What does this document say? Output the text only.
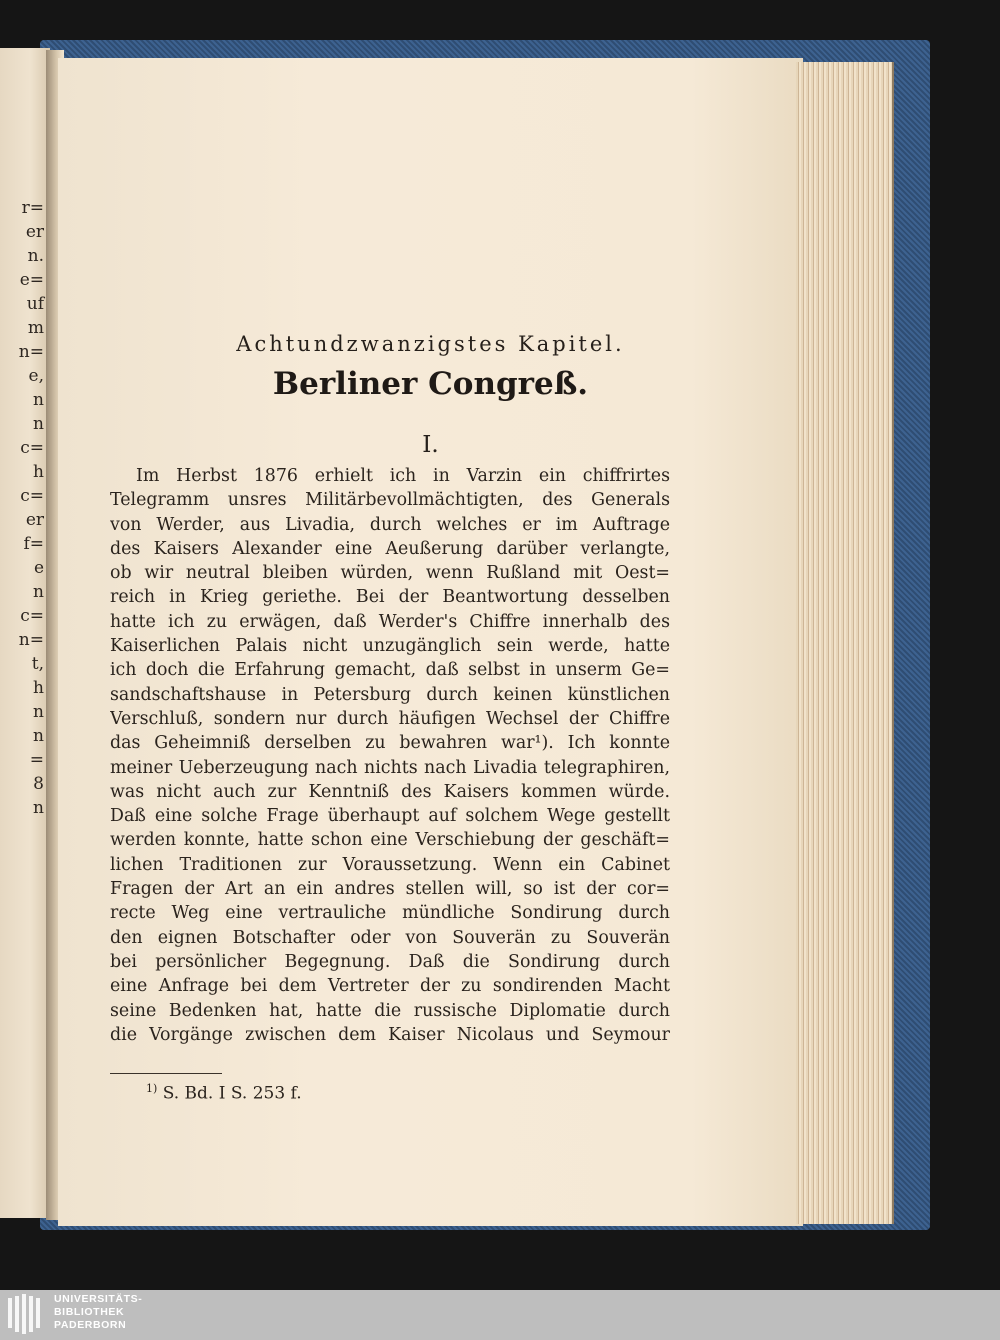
r=
er
n.
e=
uf
m
n=
e,
n
n
c=
h
c=
er
f=
e
n
c=
n=
t,
h
n
n
=
8
n
Achtundzwanzigstes Kapitel.
Berliner Congreß.
I.
Im Herbst 1876 erhielt ich in Varzin ein chiffrirtes
Telegramm unsres Militärbevollmächtigten, des Generals
von Werder, aus Livadia, durch welches er im Auftrage
des Kaisers Alexander eine Aeußerung darüber verlangte,
ob wir neutral bleiben würden, wenn Rußland mit Oest=
reich in Krieg geriethe. Bei der Beantwortung desselben
hatte ich zu erwägen, daß Werder's Chiffre innerhalb des
Kaiserlichen Palais nicht unzugänglich sein werde, hatte
ich doch die Erfahrung gemacht, daß selbst in unserm Ge=
sandschaftshause in Petersburg durch keinen künstlichen
Verschluß, sondern nur durch häufigen Wechsel der Chiffre
das Geheimniß derselben zu bewahren war¹). Ich konnte
meiner Ueberzeugung nach nichts nach Livadia telegraphiren,
was nicht auch zur Kenntniß des Kaisers kommen würde.
Daß eine solche Frage überhaupt auf solchem Wege gestellt
werden konnte, hatte schon eine Verschiebung der geschäft=
lichen Traditionen zur Voraussetzung. Wenn ein Cabinet
Fragen der Art an ein andres stellen will, so ist der cor=
recte Weg eine vertrauliche mündliche Sondirung durch
den eignen Botschafter oder von Souverän zu Souverän
bei persönlicher Begegnung. Daß die Sondirung durch
eine Anfrage bei dem Vertreter der zu sondirenden Macht
seine Bedenken hat, hatte die russische Diplomatie durch
die Vorgänge zwischen dem Kaiser Nicolaus und Seymour
$^{1)}$ S. Bd. I S. 253 f.
UNIVERSITÄTS-
BIBLIOTHEK
PADERBORN
